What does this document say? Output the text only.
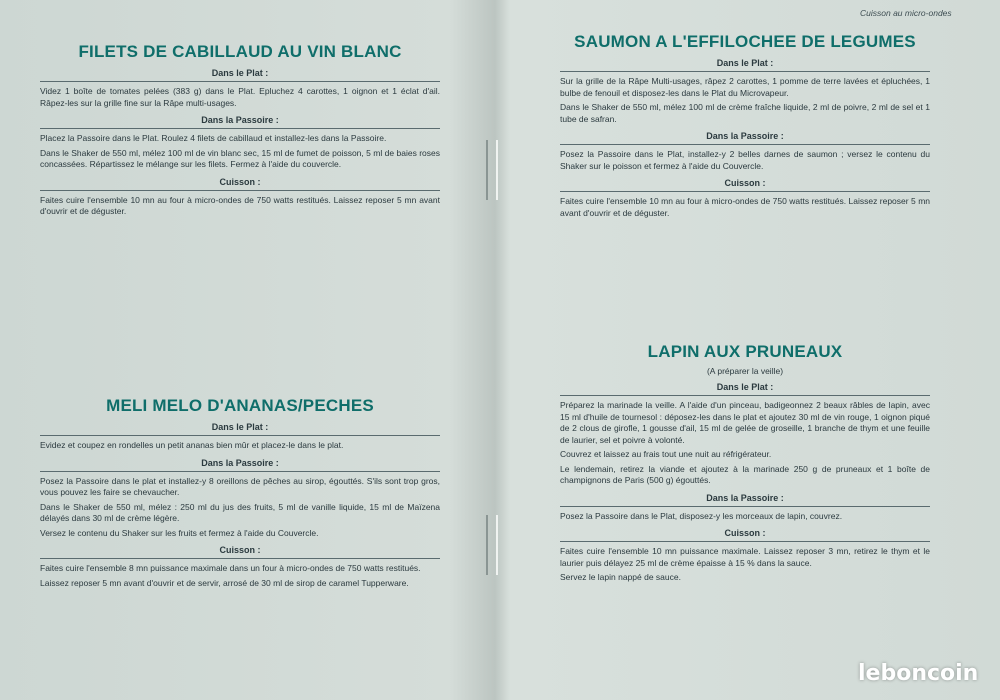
FILETS DE CABILLAUD AU VIN BLANC
Dans le Plat :
Videz 1 boîte de tomates pelées (383 g) dans le Plat. Epluchez 4 carottes, 1 oignon et 1 éclat d'ail. Râpez-les sur la grille fine sur la Râpe multi-usages.
Dans la Passoire :
Placez la Passoire dans le Plat. Roulez 4 filets de cabillaud et installez-les dans la Passoire.
Dans le Shaker de 550 ml, mélez 100 ml de vin blanc sec, 15 ml de fumet de poisson, 5 ml de baies roses concassées. Répartissez le mélange sur les filets. Fermez à l'aide du couvercle.
Cuisson :
Faites cuire l'ensemble 10 mn au four à micro-ondes de 750 watts restitués. Laissez reposer 5 mn avant d'ouvrir et de déguster.
MELI MELO D'ANANAS/PECHES
Dans le Plat :
Evidez et coupez en rondelles un petit ananas bien mûr et placez-le dans le plat.
Dans la Passoire :
Posez la Passoire dans le plat et installez-y 8 oreillons de pêches au sirop, égouttés. S'ils sont trop gros, vous pouvez les faire se chevaucher.
Dans le Shaker de 550 ml, mélez : 250 ml du jus des fruits, 5 ml de vanille liquide, 15 ml de Maïzena délayés dans 30 ml de crème légère.
Versez le contenu du Shaker sur les fruits et fermez à l'aide du Couvercle.
Cuisson :
Faites cuire l'ensemble 8 mn puissance maximale dans un four à micro-ondes de 750 watts restitués.
Laissez reposer 5 mn avant d'ouvrir et de servir, arrosé de 30 ml de sirop de caramel Tupperware.
Cuisson au micro-ondes
SAUMON A L'EFFILOCHEE DE LEGUMES
Dans le Plat :
Sur la grille de la Râpe Multi-usages, râpez 2 carottes, 1 pomme de terre lavées et épluchées, 1 bulbe de fenouil et disposez-les dans le Plat du Microvapeur.
Dans le Shaker de 550 ml, mélez 100 ml de crème fraîche liquide, 2 ml de poivre, 2 ml de sel et 1 tube de safran.
Dans la Passoire :
Posez la Passoire dans le Plat, installez-y 2 belles darnes de saumon ; versez le contenu du Shaker sur le poisson et fermez à l'aide du Couvercle.
Cuisson :
Faites cuire l'ensemble 10 mn au four à micro-ondes de 750 watts restitués. Laissez reposer 5 mn avant d'ouvrir et de déguster.
LAPIN AUX PRUNEAUX
(A préparer la veille)
Dans le Plat :
Préparez la marinade la veille. A l'aide d'un pinceau, badigeonnez 2 beaux râbles de lapin, avec 15 ml d'huile de tournesol : déposez-les dans le plat et ajoutez 30 ml de vin rouge, 1 oignon piqué de 2 clous de girofle, 1 gousse d'ail, 15 ml de gelée de groseille, 1 branche de thym et une feuille de laurier, sel et poivre à volonté.
Couvrez et laissez au frais tout une nuit au réfrigérateur.
Le lendemain, retirez la viande et ajoutez à la marinade 250 g de pruneaux et 1 boîte de champignons de Paris (500 g) égouttés.
Dans la Passoire :
Posez la Passoire dans le Plat, disposez-y les morceaux de lapin, couvrez.
Cuisson :
Faites cuire l'ensemble 10 mn puissance maximale. Laissez reposer 3 mn, retirez le thym et le laurier puis délayez 25 ml de crème épaisse à 15 % dans la sauce.
Servez le lapin nappé de sauce.
leboncoin
